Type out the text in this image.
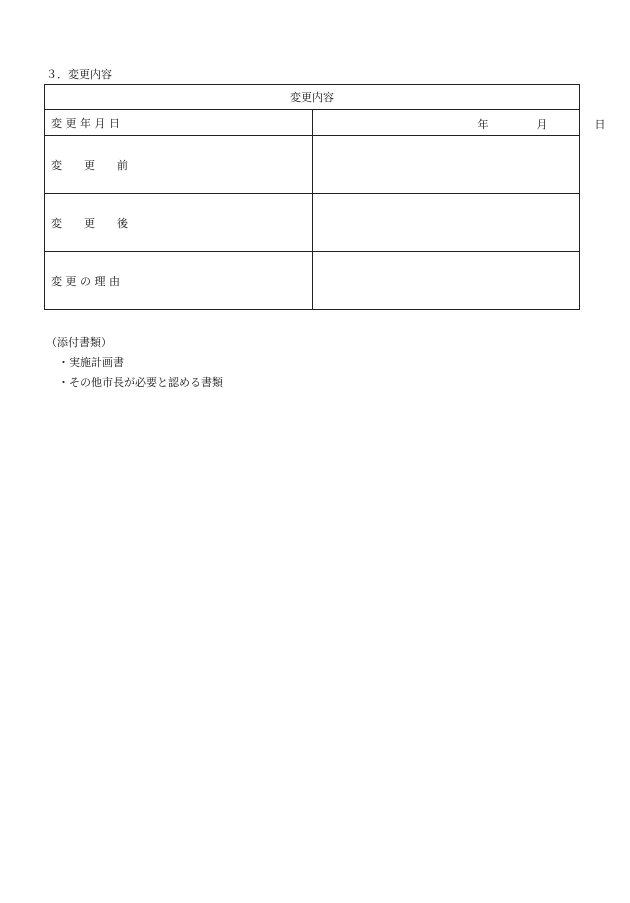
３．変更内容
変更内容	
変 更 年 月 日	年 月 日

変　　更　　前	
変　　更　　後	
変 更 の 理 由	
（添付書類）
・実施計画書
・その他市長が必要と認める書類
